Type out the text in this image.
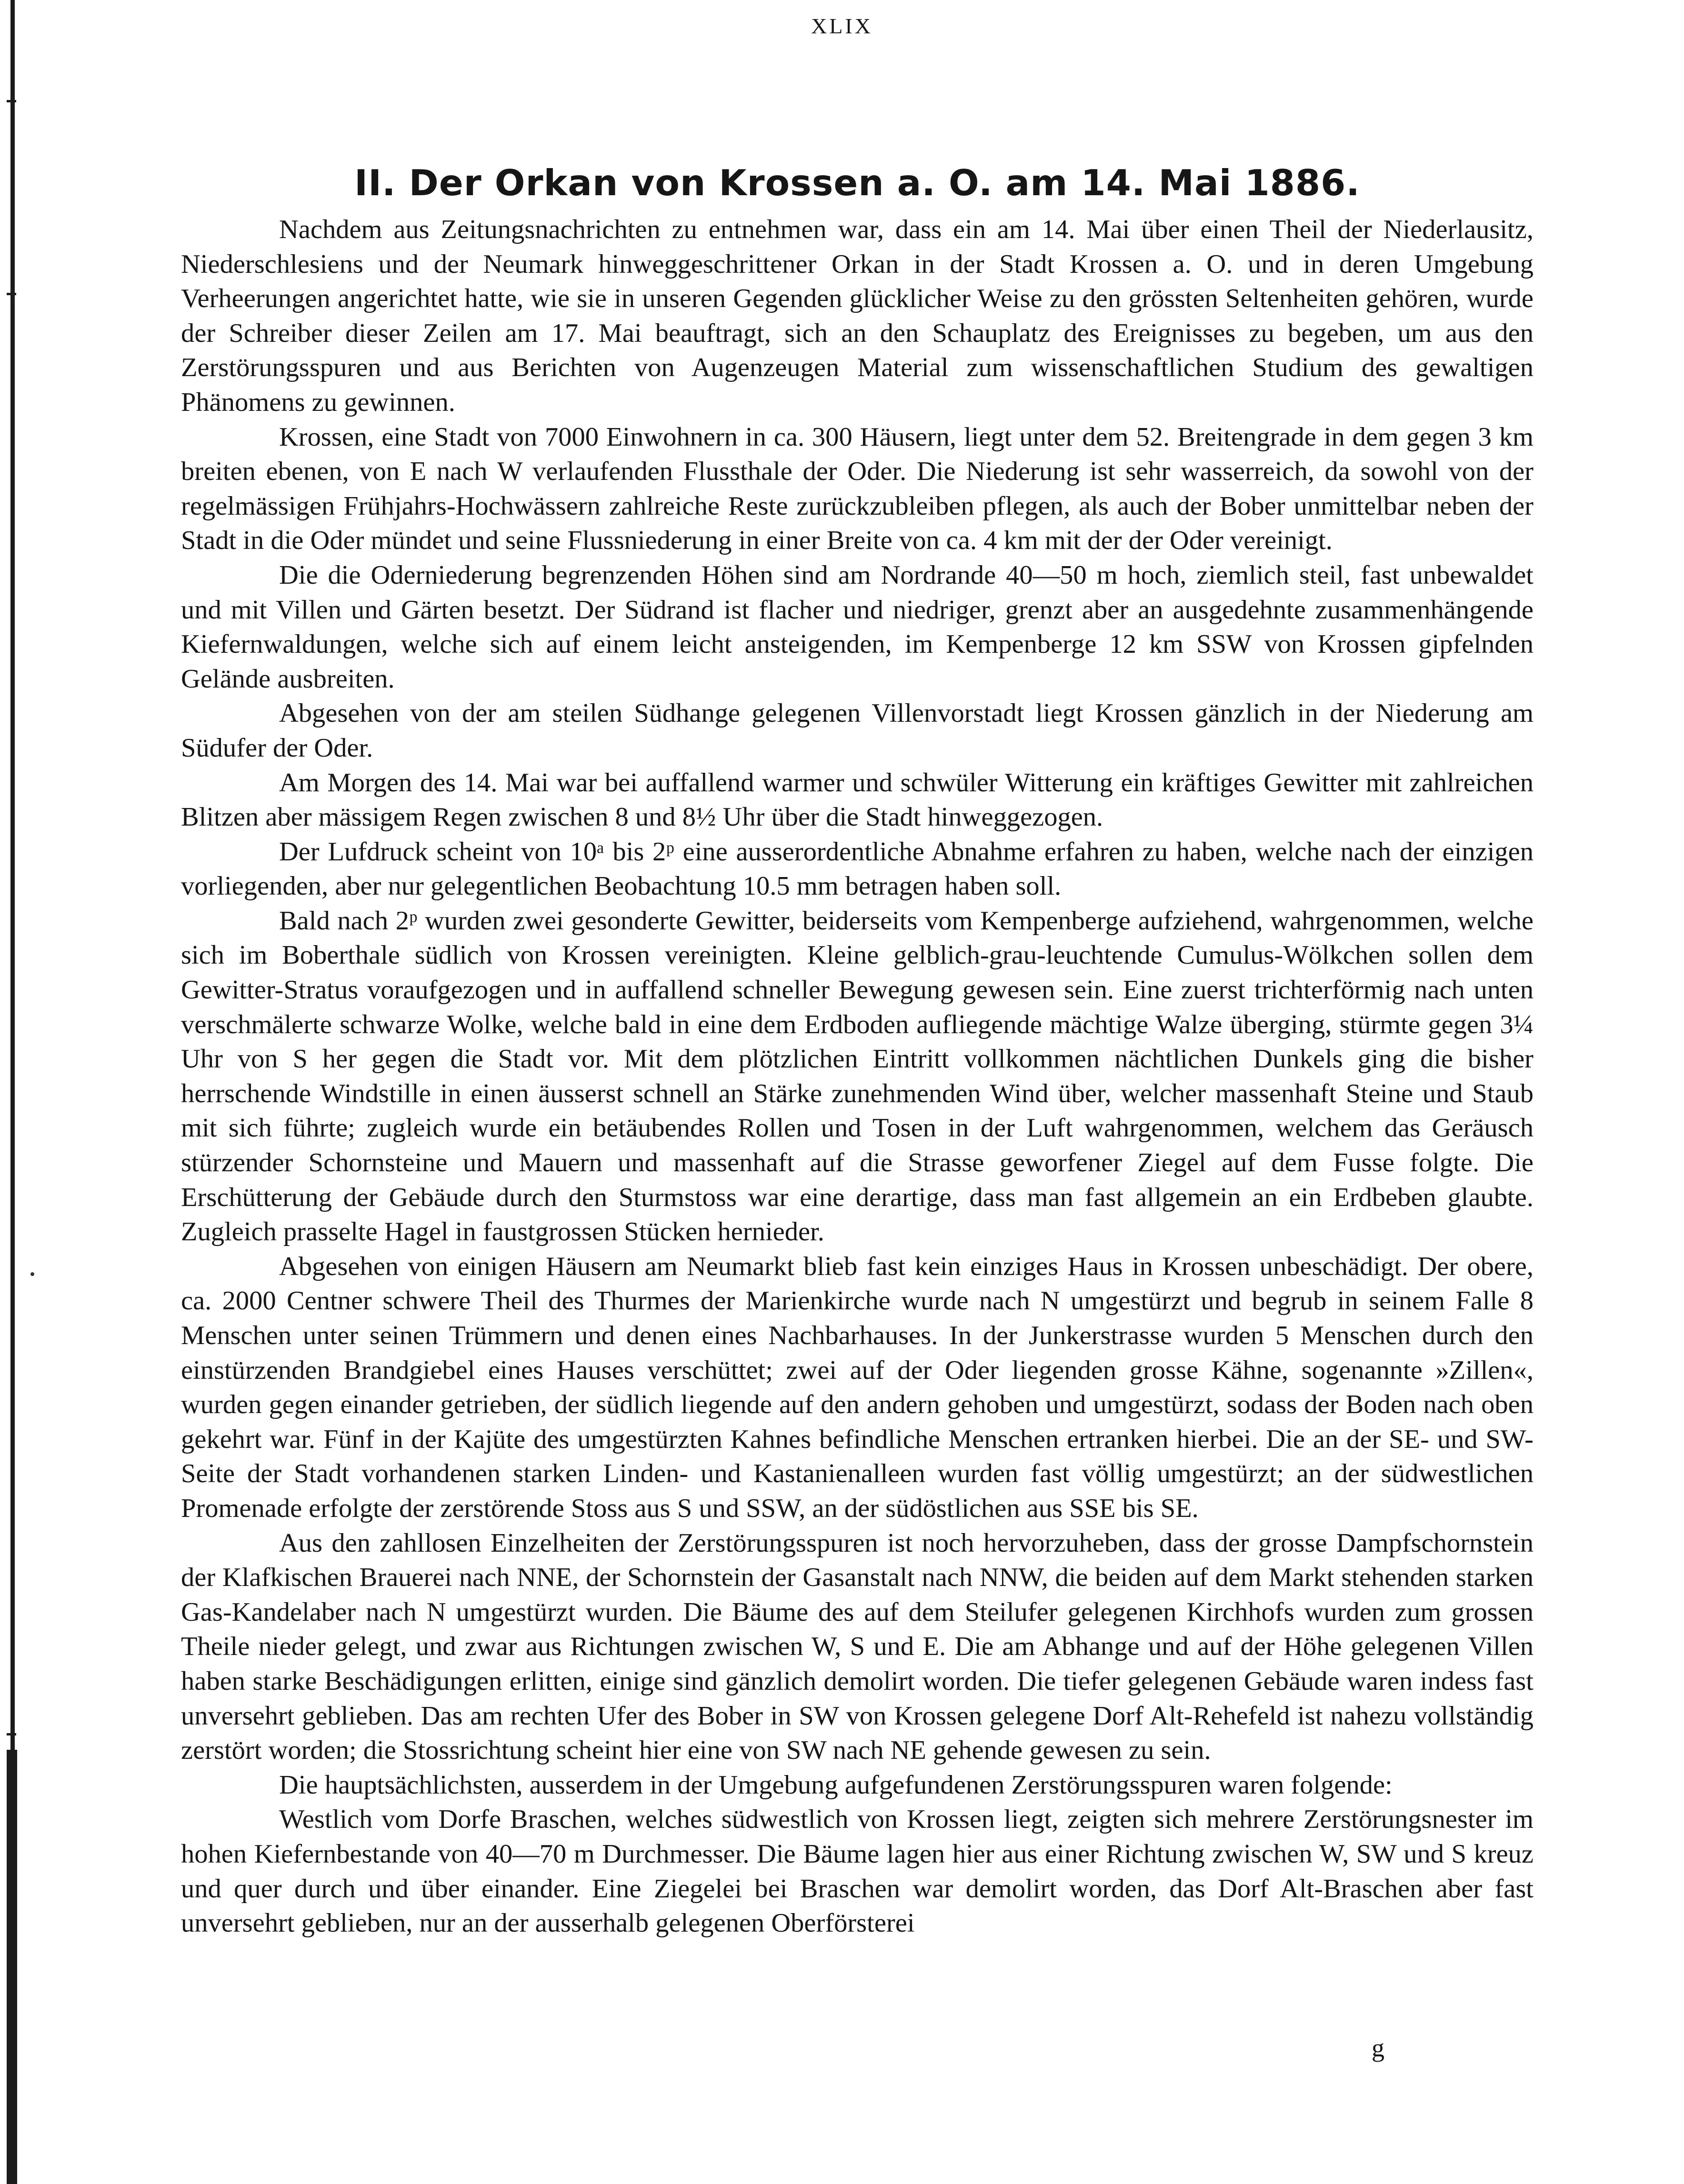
XLIX
II. Der Orkan von Krossen a. O. am 14. Mai 1886.

Nachdem aus Zeitungsnachrichten zu entnehmen war, dass ein am 14. Mai über einen Theil der Niederlausitz, Niederschlesiens und der Neumark hinweggeschrittener Orkan in der Stadt Krossen a. O. und in deren Umgebung Verheerungen angerichtet hatte, wie sie in unseren Gegenden glücklicher Weise zu den grössten Seltenheiten gehören, wurde der Schreiber dieser Zeilen am 17. Mai beauftragt, sich an den Schauplatz des Ereignisses zu begeben, um aus den Zerstörungsspuren und aus Berichten von Augenzeugen Material zum wissenschaftlichen Studium des gewaltigen Phänomens zu gewinnen.

Krossen, eine Stadt von 7000 Einwohnern in ca. 300 Häusern, liegt unter dem 52. Breitengrade in dem gegen 3 km breiten ebenen, von E nach W verlaufenden Flussthale der Oder. Die Niederung ist sehr wasserreich, da sowohl von der regelmässigen Frühjahrs-Hochwässern zahlreiche Reste zurückzubleiben pflegen, als auch der Bober unmittelbar neben der Stadt in die Oder mündet und seine Flussniederung in einer Breite von ca. 4 km mit der der Oder vereinigt.

Die die Oderniederung begrenzenden Höhen sind am Nordrande 40—50 m hoch, ziemlich steil, fast unbewaldet und mit Villen und Gärten besetzt. Der Südrand ist flacher und niedriger, grenzt aber an ausgedehnte zusammenhängende Kiefernwaldungen, welche sich auf einem leicht ansteigenden, im Kempenberge 12 km SSW von Krossen gipfelnden Gelände ausbreiten.

Abgesehen von der am steilen Südhange gelegenen Villenvorstadt liegt Krossen gänzlich in der Niederung am Südufer der Oder.

Am Morgen des 14. Mai war bei auffallend warmer und schwüler Witterung ein kräftiges Gewitter mit zahlreichen Blitzen aber mässigem Regen zwischen 8 und 8½ Uhr über die Stadt hinweggezogen.

Der Lufdruck scheint von 10ᵃ bis 2ᵖ eine ausserordentliche Abnahme erfahren zu haben, welche nach der einzigen vorliegenden, aber nur gelegentlichen Beobachtung 10.5 mm betragen haben soll.

Bald nach 2ᵖ wurden zwei gesonderte Gewitter, beiderseits vom Kempenberge aufziehend, wahrgenommen, welche sich im Boberthale südlich von Krossen vereinigten. Kleine gelblich-grau-leuchtende Cumulus-Wölkchen sollen dem Gewitter-Stratus voraufgezogen und in auffallend schneller Bewegung gewesen sein. Eine zuerst trichterförmig nach unten verschmälerte schwarze Wolke, welche bald in eine dem Erdboden aufliegende mächtige Walze überging, stürmte gegen 3¼ Uhr von S her gegen die Stadt vor. Mit dem plötzlichen Eintritt vollkommen nächtlichen Dunkels ging die bisher herrschende Windstille in einen äusserst schnell an Stärke zunehmenden Wind über, welcher massenhaft Steine und Staub mit sich führte; zugleich wurde ein betäubendes Rollen und Tosen in der Luft wahrgenommen, welchem das Geräusch stürzender Schornsteine und Mauern und massenhaft auf die Strasse geworfener Ziegel auf dem Fusse folgte. Die Erschütterung der Gebäude durch den Sturmstoss war eine derartige, dass man fast allgemein an ein Erdbeben glaubte. Zugleich prasselte Hagel in faustgrossen Stücken hernieder.

Abgesehen von einigen Häusern am Neumarkt blieb fast kein einziges Haus in Krossen unbeschädigt. Der obere, ca. 2000 Centner schwere Theil des Thurmes der Marienkirche wurde nach N umgestürzt und begrub in seinem Falle 8 Menschen unter seinen Trümmern und denen eines Nachbarhauses. In der Junkerstrasse wurden 5 Menschen durch den einstürzenden Brandgiebel eines Hauses verschüttet; zwei auf der Oder liegenden grosse Kähne, sogenannte »Zillen«, wurden gegen einander getrieben, der südlich liegende auf den andern gehoben und umgestürzt, sodass der Boden nach oben gekehrt war. Fünf in der Kajüte des umgestürzten Kahnes befindliche Menschen ertranken hierbei. Die an der SE- und SW-Seite der Stadt vorhandenen starken Linden- und Kastanienalleen wurden fast völlig umgestürzt; an der südwestlichen Promenade erfolgte der zerstörende Stoss aus S und SSW, an der südöstlichen aus SSE bis SE.

Aus den zahllosen Einzelheiten der Zerstörungsspuren ist noch hervorzuheben, dass der grosse Dampfschornstein der Klafkischen Brauerei nach NNE, der Schornstein der Gasanstalt nach NNW, die beiden auf dem Markt stehenden starken Gas-Kandelaber nach N umgestürzt wurden. Die Bäume des auf dem Steilufer gelegenen Kirchhofs wurden zum grossen Theile nieder gelegt, und zwar aus Richtungen zwischen W, S und E. Die am Abhange und auf der Höhe gelegenen Villen haben starke Beschädigungen erlitten, einige sind gänzlich demolirt worden. Die tiefer gelegenen Gebäude waren indess fast unversehrt geblieben. Das am rechten Ufer des Bober in SW von Krossen gelegene Dorf Alt-Rehefeld ist nahezu vollständig zerstört worden; die Stossrichtung scheint hier eine von SW nach NE gehende gewesen zu sein.

Die hauptsächlichsten, ausserdem in der Umgebung aufgefundenen Zerstörungsspuren waren folgende:

Westlich vom Dorfe Braschen, welches südwestlich von Krossen liegt, zeigten sich mehrere Zerstörungsnester im hohen Kiefernbestande von 40—70 m Durchmesser. Die Bäume lagen hier aus einer Richtung zwischen W, SW und S kreuz und quer durch und über einander. Eine Ziegelei bei Braschen war demolirt worden, das Dorf Alt-Braschen aber fast unversehrt geblieben, nur an der ausserhalb gelegenen Oberförsterei

g
